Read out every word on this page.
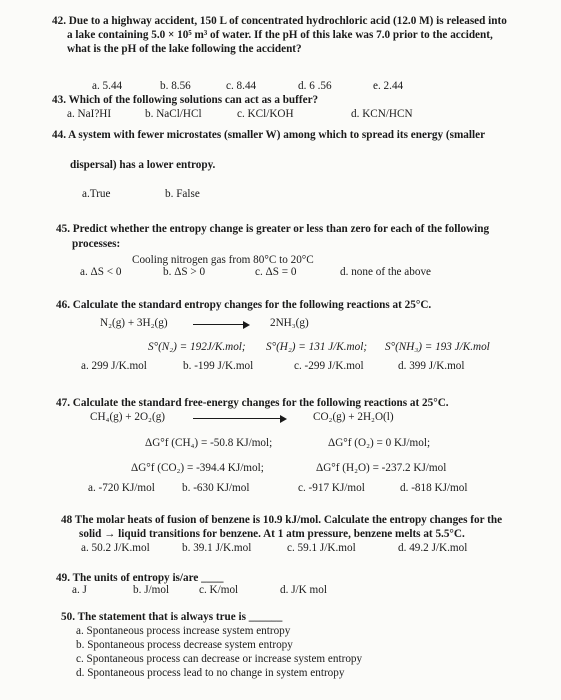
42. Due to a highway accident, 150 L of concentrated hydrochloric acid (12.0 M) is released into
a lake containing 5.0 × 10⁵ m³ of water. If the pH of this lake was 7.0 prior to the accident,
what is the pH of the lake following the accident?
a. 5.44	b. 8.56	c. 8.44	d. 6 .56	e. 2.44
43. Which of the following solutions can act as a buffer?
a. NaI?HI	b. NaCl/HCl	c. KCl/KOH	d. KCN/HCN
44. A system with fewer microstates (smaller W) among which to spread its energy (smaller
dispersal) has a lower entropy.
a.True	b. False
45. Predict whether the entropy change is greater or less than zero for each of the following
processes:
Cooling nitrogen gas from 80°C to 20°C
a. ΔS < 0	b. ΔS > 0	c. ΔS = 0	d. none of the above
46. Calculate the standard entropy changes for the following reactions at 25°C.
N₂(g) + 3H₂(g)	2NH₃(g)
S°(N₂) = 192J/K.mol; S°(H₂) = 131 J/K.mol; S°(NH₃) = 193 J/K.mol
a. 299 J/K.mol	b. -199 J/K.mol	c. -299 J/K.mol	d. 399 J/K.mol
47. Calculate the standard free-energy changes for the following reactions at 25°C.
CH₄(g) + 2O₂(g)	CO₂(g) + 2H₂O(l)
ΔG°f (CH₄) = -50.8 KJ/mol;	ΔG°f (O₂) = 0 KJ/mol;
ΔG°f (CO₂) = -394.4 KJ/mol;	ΔG°f (H₂O) = -237.2 KJ/mol
a. -720 KJ/mol b. -630 KJ/mol	c. -917 KJ/mol	d. -818 KJ/mol
48 The molar heats of fusion of benzene is 10.9 kJ/mol. Calculate the entropy changes for the
solid → liquid transitions for benzene. At 1 atm pressure, benzene melts at 5.5°C.
a. 50.2 J/K.mol	b. 39.1 J/K.mol	c. 59.1 J/K.mol	d. 49.2 J/K.mol
49. The units of entropy is/are ____
a. J	b. J/mol	c. K/mol	d. J/K mol
50. The statement that is always true is ______
a. Spontaneous process increase system entropy
b. Spontaneous process decrease system entropy
c. Spontaneous process can decrease or increase system entropy
d. Spontaneous process lead to no change in system entropy
